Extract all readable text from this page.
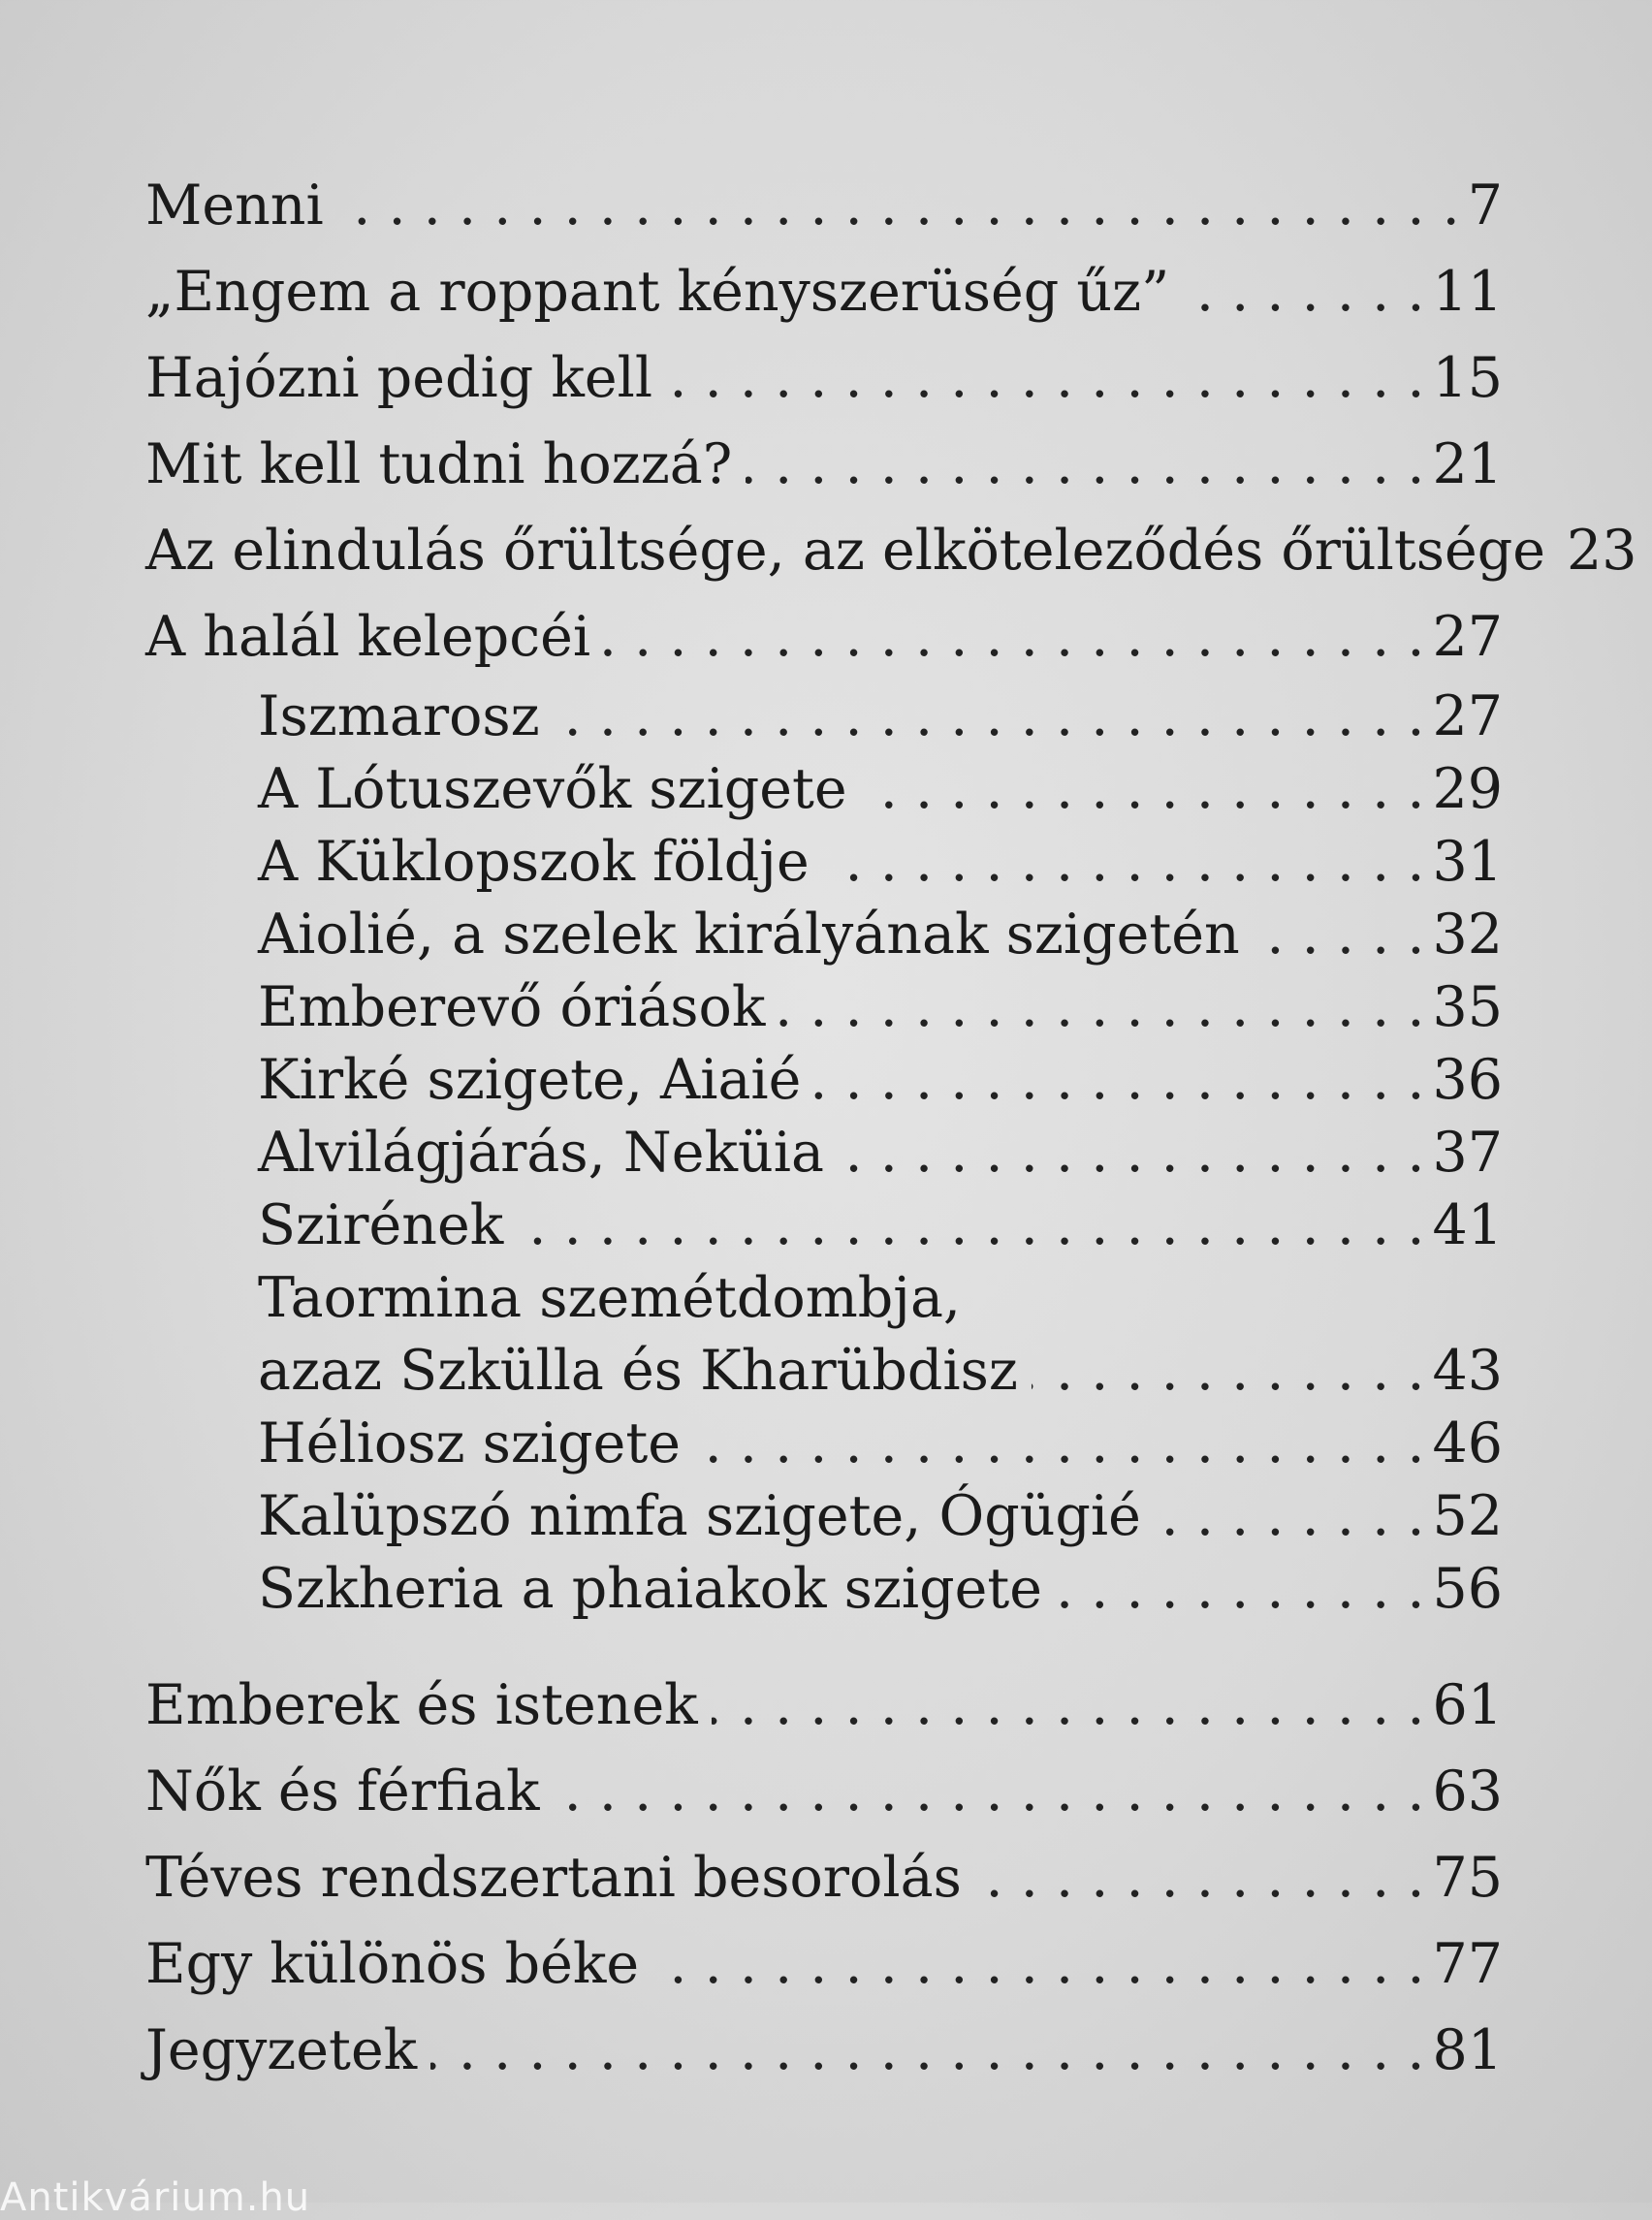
Menni . . .	7
„Engem a roppant kényszerüség űz” . . .	11
Hajózni pedig kell . . .	15
Mit kell tudni hozzá? . . .	21
Az elindulás őrültsége, az elköteleződés őrültsége 23
A halál kelepcéi . . .	27
Iszmarosz . . .	27
A Lótuszevők szigete . . .	29
A Küklopszok földje . . .	31
Aiolié, a szelek királyának szigetén . . .	32
Emberevő óriások . . .	35
Kirké szigete, Aiaié . . .	36
Alvilágjárás, Neküia . . .	37
Szirének . . .	41
Taormina szemétdombja,
azaz Szkülla és Kharübdisz . . .	43
Héliosz szigete . . .	46
Kalüpszó nimfa szigete, Ógügié . . .	52
Szkheria a phaiakok szigete . . .	56
Emberek és istenek . . .	61
Nők és férfiak . . .	63
Téves rendszertani besorolás . . .	75
Egy különös béke . . .	77
Jegyzetek . . .	81
Antikvárium.hu
